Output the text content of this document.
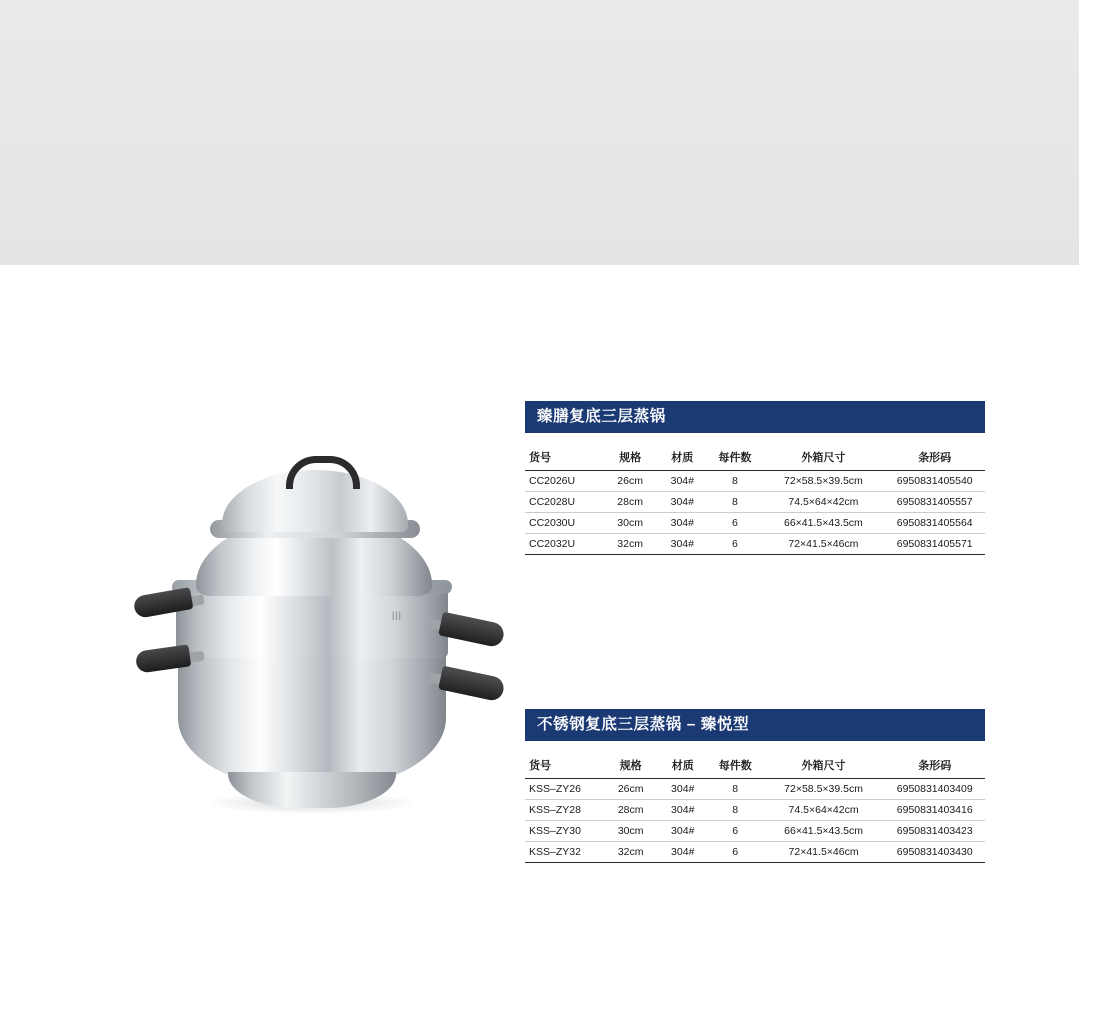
|||
臻膳复底三层蒸锅
货号	规格	材质	每件数	外箱尺寸	条形码
CC2026U	26cm	304#	8	72×58.5×39.5cm	6950831405540
CC2028U	28cm	304#	8	74.5×64×42cm	6950831405557
CC2030U	30cm	304#	6	66×41.5×43.5cm	6950831405564
CC2032U	32cm	304#	6	72×41.5×46cm	6950831405571
不锈钢复底三层蒸锅 – 臻悦型
货号	规格	材质	每件数	外箱尺寸	条形码
KSS–ZY26	26cm	304#	8	72×58.5×39.5cm	6950831403409
KSS–ZY28	28cm	304#	8	74.5×64×42cm	6950831403416
KSS–ZY30	30cm	304#	6	66×41.5×43.5cm	6950831403423
KSS–ZY32	32cm	304#	6	72×41.5×46cm	6950831403430
